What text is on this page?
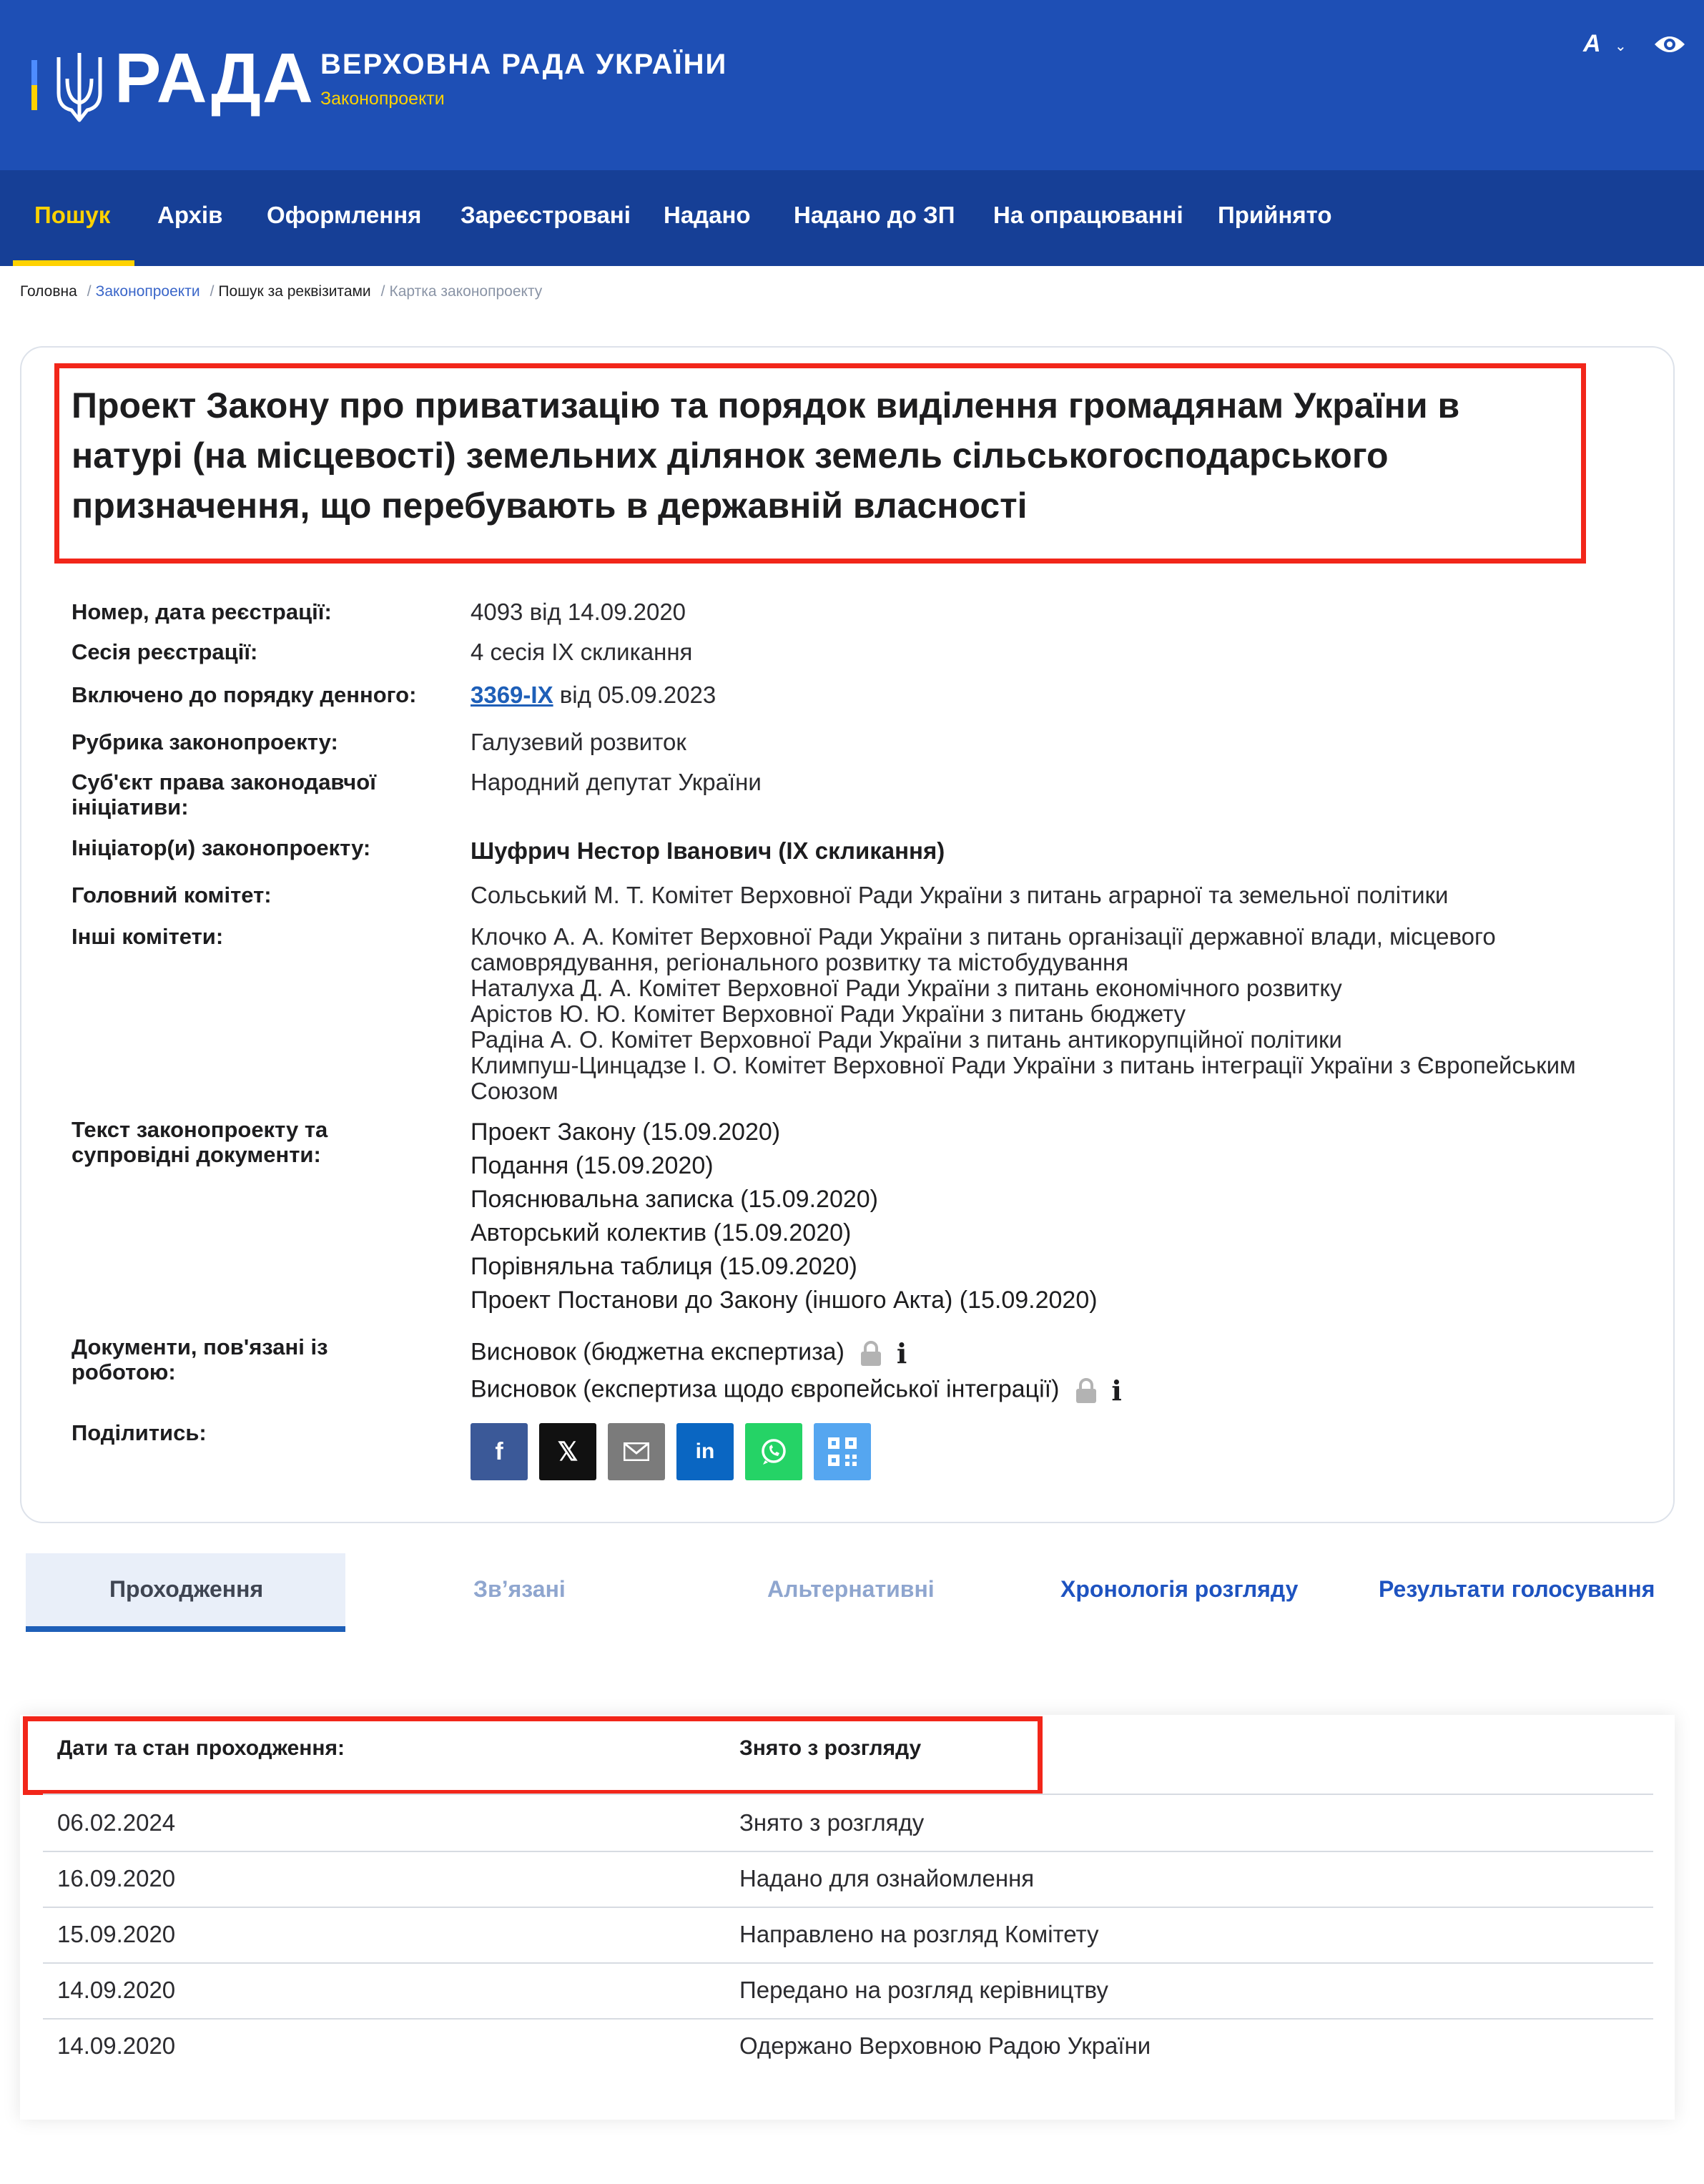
РАДА ВЕРХОВНА РАДА УКРАЇНИ
Законопроекти
A ⌄
Пошук Архів Оформлення Зареєстровані Надано Надано до ЗП На опрацюванні Прийнято
Головна / Законопроекти / Пошук за реквізитами / Картка законопроекту
Проект Закону про приватизацію та порядок виділення громадянам України в натурі (на місцевості) земельних ділянок земель сільськогосподарського призначення, що перебувають в державній власності
Номер, дата реєстрації:	4093 від 14.09.2020
Сесія реєстрації:	4 сесія IX скликання
Включено до порядку денного: 3369-IX від 05.09.2023
Рубрика законопроекту:	Галузевий розвиток
Суб'єкт права законодавчої ініціативи:
Народний депутат України
Ініціатор(и) законопроекту:	Шуфрич Нестор Іванович (IX скликання)
Головний комітет:	Сольський М. Т. Комітет Верховної Ради України з питань аграрної та земельної політики
Інші комітети:	Клочко А. А. Комітет Верховної Ради України з питань організації державної влади, місцевого самоврядування, регіонального розвитку та містобудування
Наталуха Д. А. Комітет Верховної Ради України з питань економічного розвитку
Арістов Ю. Ю. Комітет Верховної Ради України з питань бюджету
Радіна А. О. Комітет Верховної Ради України з питань антикорупційної політики
Климпуш-Цинцадзе І. О. Комітет Верховної Ради України з питань інтеграції України з Європейським Союзом
Текст законопроекту та супровідні документи:
Проект Закону (15.09.2020)
Подання (15.09.2020)
Пояснювальна записка (15.09.2020)
Авторський колектив (15.09.2020)
Порівняльна таблиця (15.09.2020)
Проект Постанови до Закону (іншого Акта) (15.09.2020)
Документи, пов'язані із роботою:
Висновок (бюджетна експертиза) i
Висновок (експертиза щодо європейської інтеграції) i
Поділитись:
f 𝕏	in
Проходження	Зв’язані	Альтернативні	Хронологія розгляду	Результати голосування
Дати та стан проходження:	Знято з розгляду
06.02.2024	Знято з розгляду
16.09.2020	Надано для ознайомлення
15.09.2020	Направлено на розгляд Комітету
14.09.2020	Передано на розгляд керівництву
14.09.2020	Одержано Верховною Радою України
